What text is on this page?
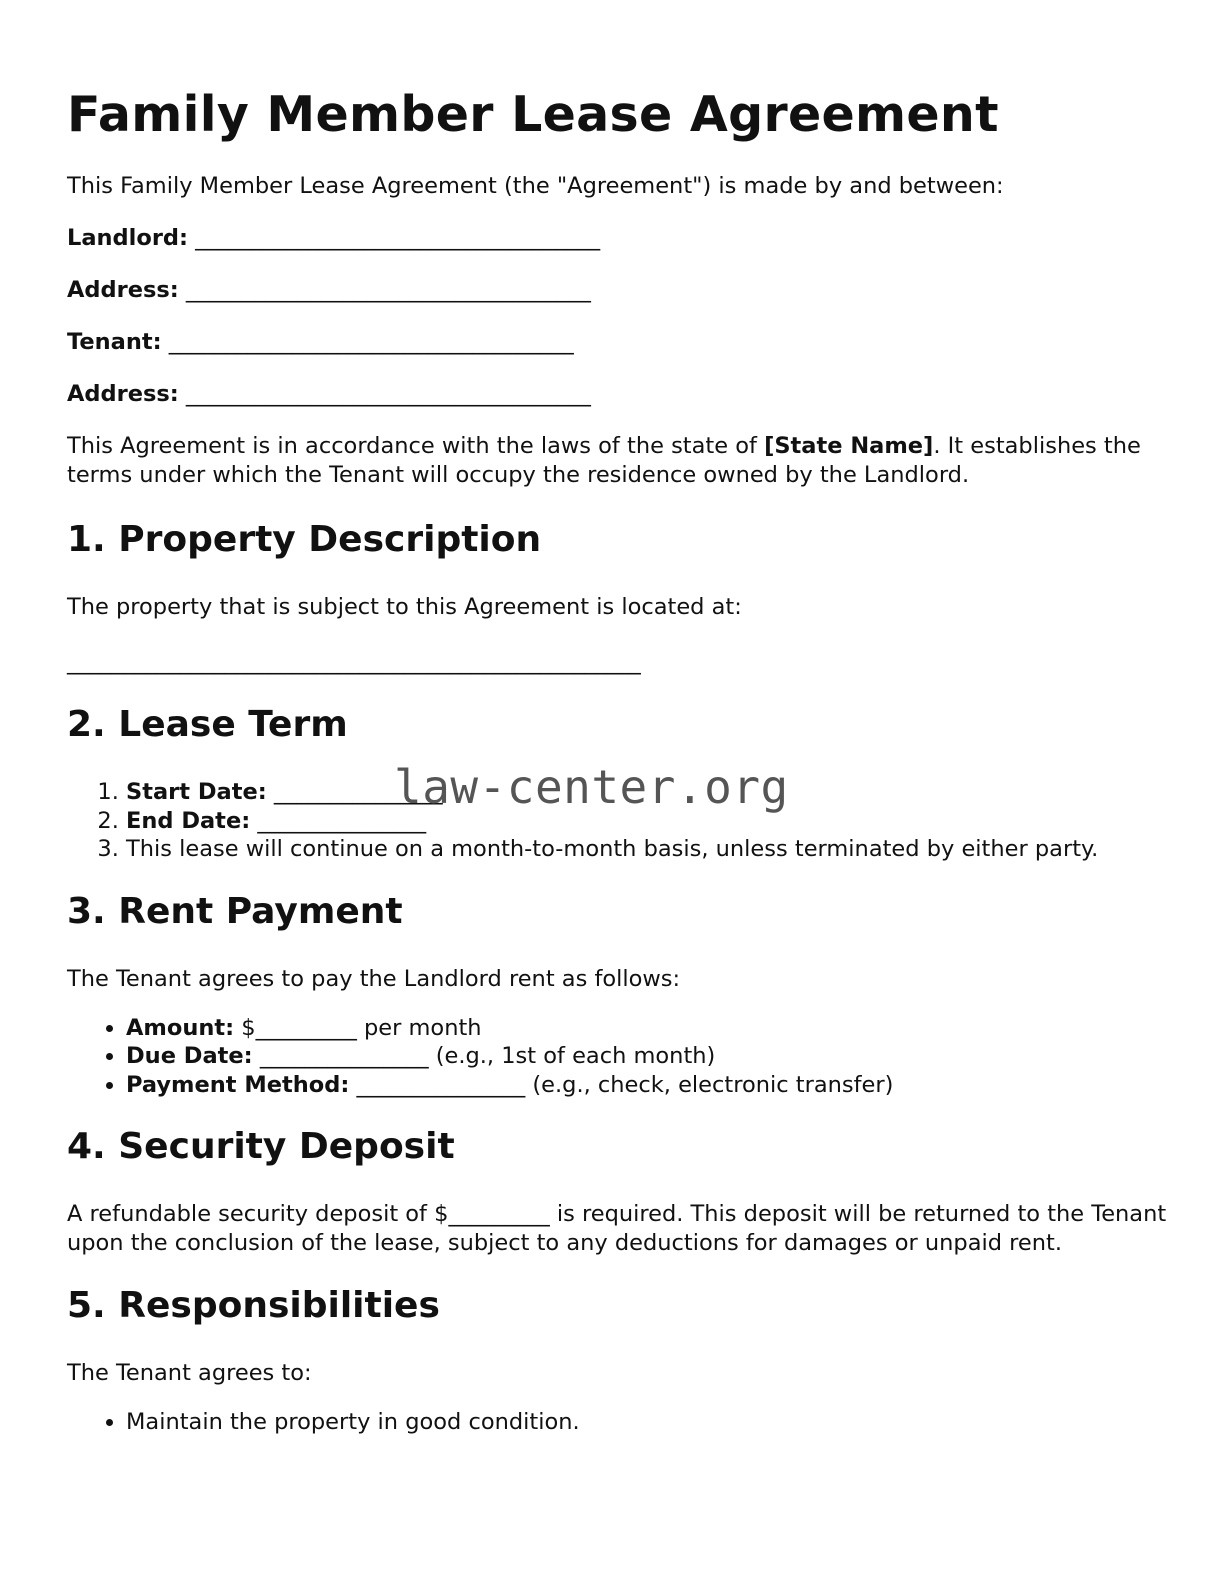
Family Member Lease Agreement

This Family Member Lease Agreement (the "Agreement") is made by and between:

Landlord: ____________________________________
Address: ____________________________________
Tenant: ____________________________________
Address: ____________________________________

This Agreement is in accordance with the laws of the state of [State Name]. It establishes the terms under which the Tenant will occupy the residence owned by the Landlord.

1. Property Description

The property that is subject to this Agreement is located at:

___________________________________________________
2. Lease Term
1. Start Date: _______________
2. End Date: _______________
3. This lease will continue on a month-to-month basis, unless terminated by either party.
3. Rent Payment

The Tenant agrees to pay the Landlord rent as follows:

• Amount: $_________ per month
• Due Date: _______________ (e.g., 1st of each month)
• Payment Method: _______________ (e.g., check, electronic transfer)
4. Security Deposit

A refundable security deposit of $_________ is required. This deposit will be returned to the Tenant upon the conclusion of the lease, subject to any deductions for damages or unpaid rent.

5. Responsibilities

The Tenant agrees to:

• Maintain the property in good condition.
law-center.org
